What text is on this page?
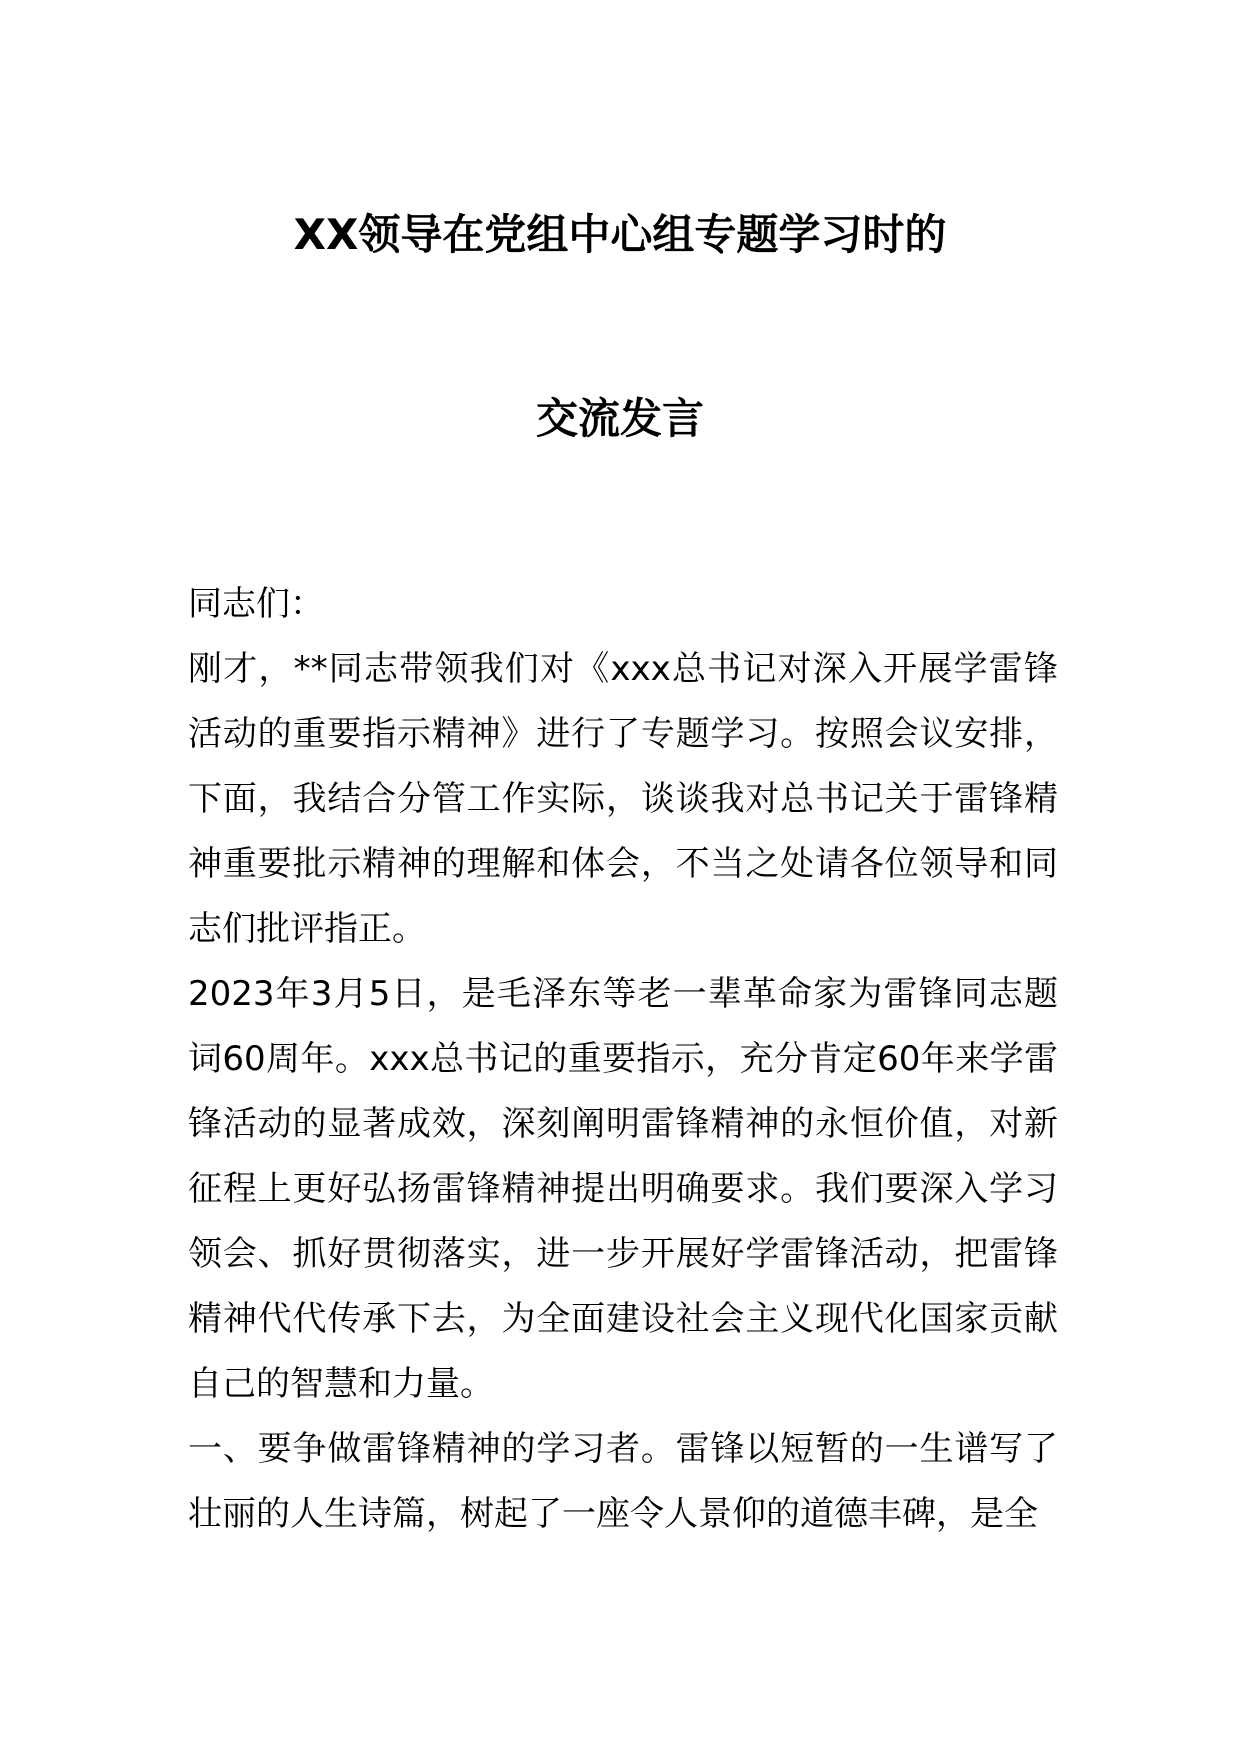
XX领导在党组中心组专题学习时的
交流发言

同志们：

刚才，**同志带领我们对《xxx总书记对深入开展学雷锋活动的重要指示精神》进行了专题学习。按照会议安排，下面，我结合分管工作实际，谈谈我对总书记关于雷锋精神重要批示精神的理解和体会，不当之处请各位领导和同志们批评指正。

2023年3月5日，是毛泽东等老一辈革命家为雷锋同志题词60周年。xxx总书记的重要指示，充分肯定60年来学雷锋活动的显著成效，深刻阐明雷锋精神的永恒价值，对新征程上更好弘扬雷锋精神提出明确要求。我们要深入学习领会、抓好贯彻落实，进一步开展好学雷锋活动，把雷锋精神代代传承下去，为全面建设社会主义现代化国家贡献自己的智慧和力量。

一、要争做雷锋精神的学习者。雷锋以短暂的一生谱写了壮丽的人生诗篇，树起了一座令人景仰的道德丰碑，是全
